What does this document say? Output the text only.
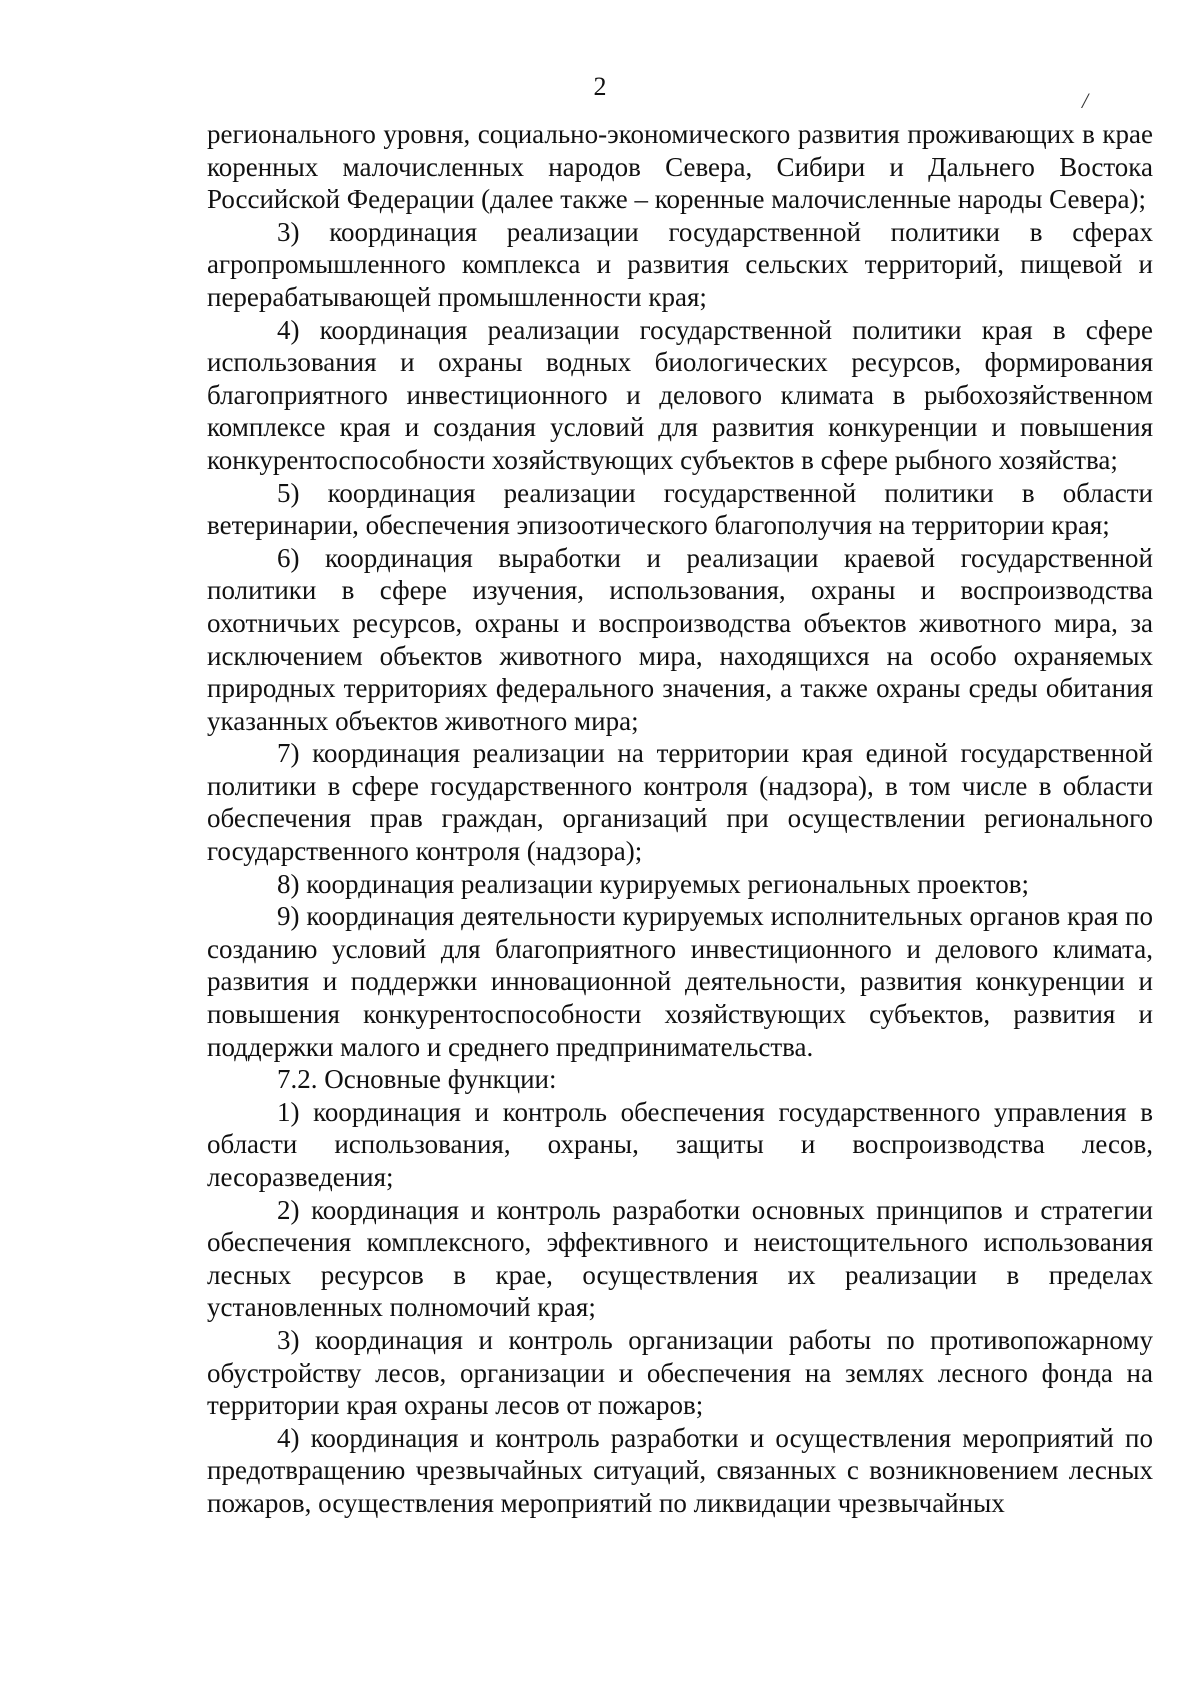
2	/

регионального уровня, социально-экономического развития проживающих в крае коренных малочисленных народов Севера, Сибири и Дальнего Востока Российской Федерации (далее также – коренные малочисленные народы Севера);

3) координация реализации государственной политики в сферах агропромышленного комплекса и развития сельских территорий, пищевой и перерабатывающей промышленности края;

4) координация реализации государственной политики края в сфере использования и охраны водных биологических ресурсов, формирования благоприятного инвестиционного и делового климата в рыбохозяйственном комплексе края и создания условий для развития конкуренции и повышения конкурентоспособности хозяйствующих субъектов в сфере рыбного хозяйства;

5) координация реализации государственной политики в области ветеринарии, обеспечения эпизоотического благополучия на территории края;

6) координация выработки и реализации краевой государственной политики в сфере изучения, использования, охраны и воспроизводства охотничьих ресурсов, охраны и воспроизводства объектов животного мира, за исключением объектов животного мира, находящихся на особо охраняемых природных территориях федерального значения, а также охраны среды обитания указанных объектов животного мира;

7) координация реализации на территории края единой государственной политики в сфере государственного контроля (надзора), в том числе в области обеспечения прав граждан, организаций при осуществлении регионального государственного контроля (надзора);

8) координация реализации курируемых региональных проектов;

9) координация деятельности курируемых исполнительных органов края по созданию условий для благоприятного инвестиционного и делового климата, развития и поддержки инновационной деятельности, развития конкуренции и повышения конкурентоспособности хозяйствующих субъектов, развития и поддержки малого и среднего предпринимательства.

7.2. Основные функции:

1) координация и контроль обеспечения государственного управления в области использования, охраны, защиты и воспроизводства лесов, лесоразведения;

2) координация и контроль разработки основных принципов и стратегии обеспечения комплексного, эффективного и неистощительного использования лесных ресурсов в крае, осуществления их реализации в пределах установленных полномочий края;

3) координация и контроль организации работы по противопожарному обустройству лесов, организации и обеспечения на землях лесного фонда на территории края охраны лесов от пожаров;

4) координация и контроль разработки и осуществления мероприятий по предотвращению чрезвычайных ситуаций, связанных с возникновением лесных пожаров, осуществления мероприятий по ликвидации чрезвычайных
